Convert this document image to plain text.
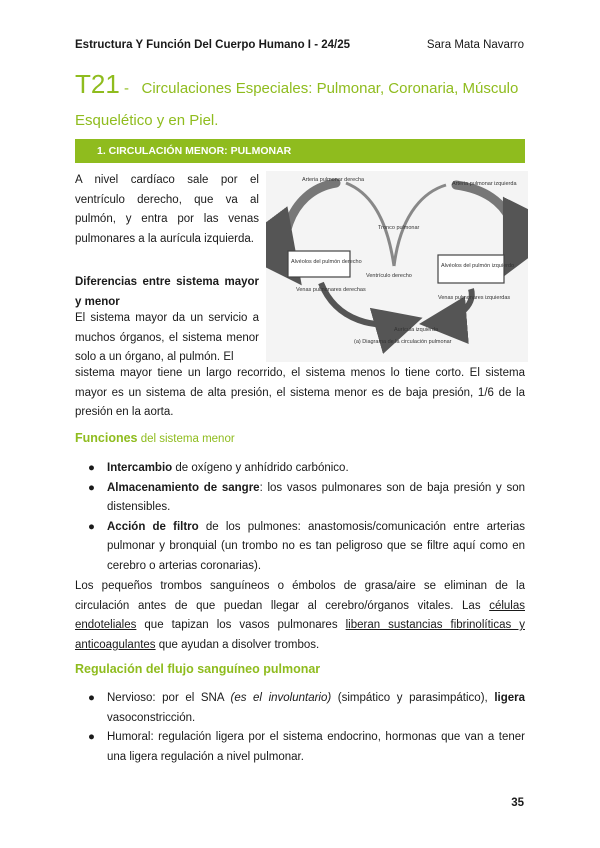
Estructura Y Función Del Cuerpo Humano I - 24/25	Sara Mata Navarro
T21 -   Circulaciones Especiales: Pulmonar, Coronaria, Músculo
Esquelético y en Piel.
1. CIRCULACIÓN MENOR: PULMONAR
A nivel cardíaco sale por el ventrículo derecho, que va al pulmón, y entra por las venas pulmonares a la aurícula izquierda.
Diferencias entre sistema mayor y menor
El sistema mayor da un servicio a muchos órganos, el sistema menor solo a un órgano, al pulmón. El
sistema mayor tiene un largo recorrido, el sistema menos lo tiene corto. El sistema mayor es un sistema de alta presión, el sistema menor es de baja presión, 1/6 de la presión en la aorta.
Arteria pulmonar derecha
Arteria pulmonar izquierda
Tronco pulmonar
Alvéolos del pulmón derecho
Alvéolos del pulmón izquierdo
Ventrículo derecho
Venas pulmonares derechas
Venas pulmonares izquierdas
Aurícula izquierda
(a) Diagrama de la circulación pulmonar
Funciones del sistema menor
● Intercambio de oxígeno y anhídrido carbónico.
● Almacenamiento de sangre: los vasos pulmonares son de baja presión y son distensibles.
● Acción de filtro de los pulmones: anastomosis/comunicación entre arterias pulmonar y bronquial (un trombo no es tan peligroso que se filtre aquí como en cerebro o arterias coronarias).
Los pequeños trombos sanguíneos o émbolos de grasa/aire se eliminan de la circulación antes de que puedan llegar al cerebro/órganos vitales. Las células endoteliales que tapizan los vasos pulmonares liberan sustancias fibrinolíticas y anticoagulantes que ayudan a disolver trombos.
Regulación del flujo sanguíneo pulmonar
● Nervioso: por el SNA (es el involuntario) (simpático y parasimpático), ligera vasoconstricción.
● Humoral: regulación ligera por el sistema endocrino, hormonas que van a tener una ligera regulación a nivel pulmonar.
35
